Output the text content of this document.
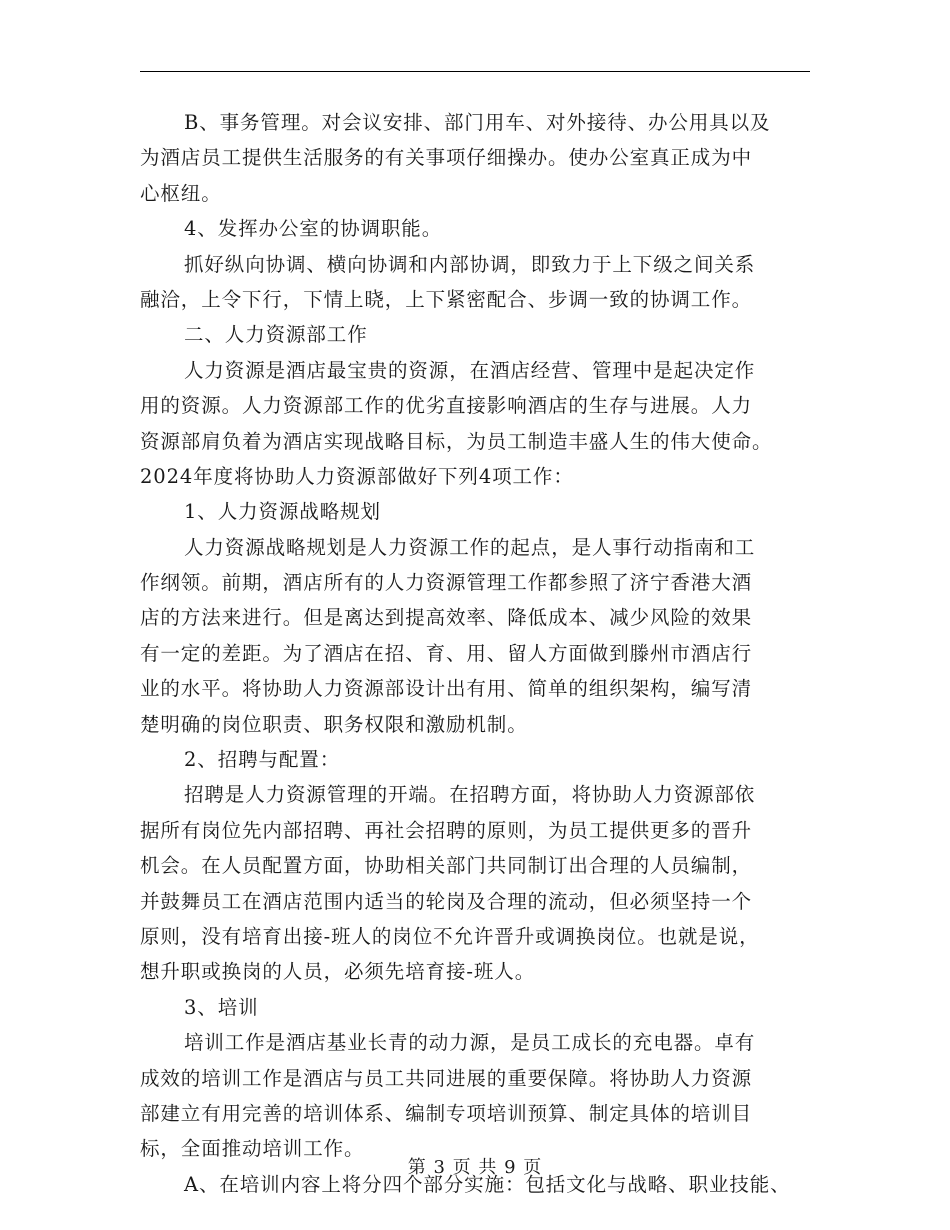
B、事务管理。对会议安排、部门用车、对外接待、办公用具以及
为酒店员工提供生活服务的有关事项仔细操办。使办公室真正成为中
心枢纽。
4、发挥办公室的协调职能。
抓好纵向协调、横向协调和内部协调，即致力于上下级之间关系
融洽，上令下行，下情上晓，上下紧密配合、步调一致的协调工作。
二、人力资源部工作
人力资源是酒店最宝贵的资源，在酒店经营、管理中是起决定作
用的资源。人力资源部工作的优劣直接影响酒店的生存与进展。人力
资源部肩负着为酒店实现战略目标，为员工制造丰盛人生的伟大使命。
2024年度将协助人力资源部做好下列4项工作：
1、人力资源战略规划
人力资源战略规划是人力资源工作的起点，是人事行动指南和工
作纲领。前期，酒店所有的人力资源管理工作都参照了济宁香港大酒
店的方法来进行。但是离达到提高效率、降低成本、减少风险的效果
有一定的差距。为了酒店在招、育、用、留人方面做到滕州市酒店行
业的水平。将协助人力资源部设计出有用、简单的组织架构，编写清
楚明确的岗位职责、职务权限和激励机制。
2、招聘与配置：
招聘是人力资源管理的开端。在招聘方面，将协助人力资源部依
据所有岗位先内部招聘、再社会招聘的原则，为员工提供更多的晋升
机会。在人员配置方面，协助相关部门共同制订出合理的人员编制，
并鼓舞员工在酒店范围内适当的轮岗及合理的流动，但必须坚持一个
原则，没有培育出接-班人的岗位不允许晋升或调换岗位。也就是说，
想升职或换岗的人员，必须先培育接-班人。
3、培训
培训工作是酒店基业长青的动力源，是员工成长的充电器。卓有
成效的培训工作是酒店与员工共同进展的重要保障。将协助人力资源
部建立有用完善的培训体系、编制专项培训预算、制定具体的培训目
标，全面推动培训工作。
A、在培训内容上将分四个部分实施：包括文化与战略、职业技能、
第 3 页 共 9 页
